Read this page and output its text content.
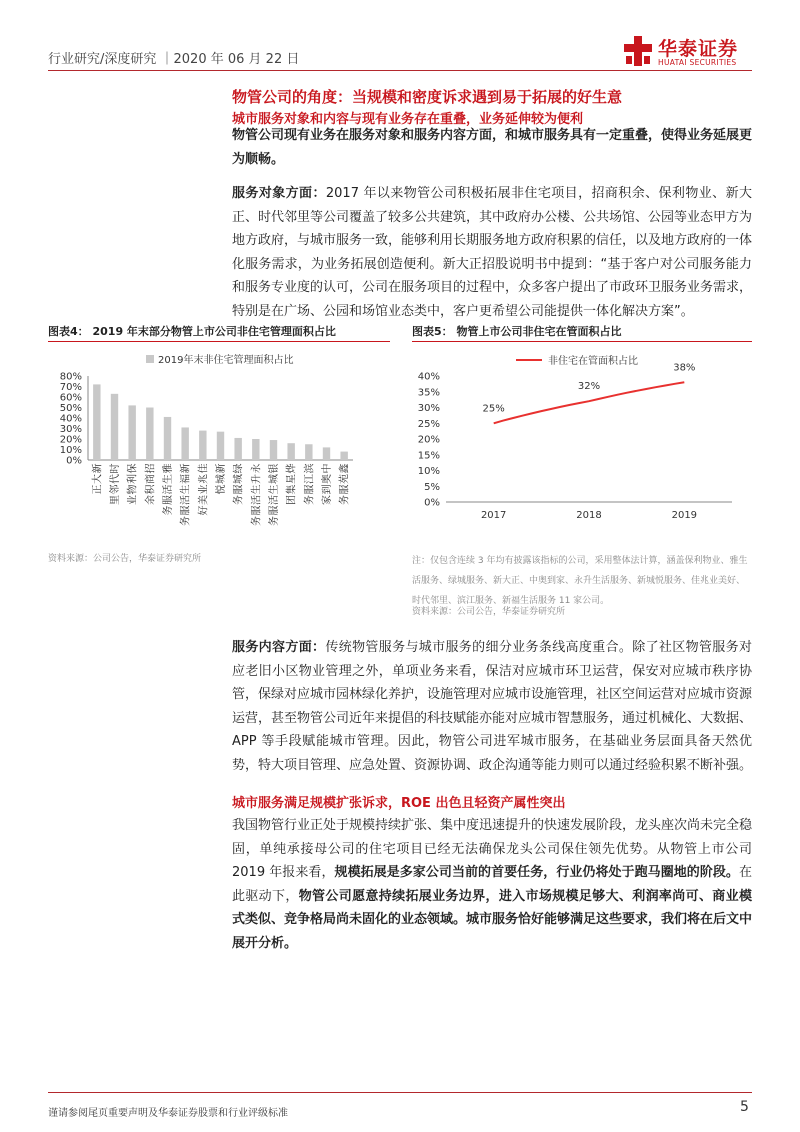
行业研究/深度研究 ｜2020 年 06 月 22 日	华泰证券
HUATAI SECURITIES
物管公司的角度：当规模和密度诉求遇到易于拓展的好生意
城市服务对象和内容与现有业务存在重叠，业务延伸较为便利
物管公司现有业务在服务对象和服务内容方面，和城市服务具有一定重叠，使得业务延展更为顺畅。
服务对象方面：2017 年以来物管公司积极拓展非住宅项目，招商积余、保利物业、新大正、时代邻里等公司覆盖了较多公共建筑，其中政府办公楼、公共场馆、公园等业态甲方为地方政府，与城市服务一致，能够利用长期服务地方政府积累的信任，以及地方政府的一体化服务需求，为业务拓展创造便利。新大正招股说明书中提到：“基于客户对公司服务能力和服务专业度的认可，公司在服务项目的过程中，众多客户提出了市政环卫服务业务需求，特别是在广场、公园和场馆业态类中，客户更希望公司能提供一体化解决方案”。
图表4： 2019 年末部分物管上市公司非住宅管理面积占比
0%
10%
20%
30%
40%
50%
60%
70%
80%
新
大
正
时
代
邻
里
保
利
物
业
招
商
积
余
雅
生
活
服
务
新
福
生
活
服
务
佳
兆
业
美
好
新
城
悦
绿
城
服
务
永
升
生
活
服
务
银
城
生
活
服
务
烨
星
集
团
滨
江
服
务
中
奥
到
家
鑫
苑
服
务
2019年末非住宅管理面积占比
资料来源：公司公告，华泰证券研究所
图表5： 物管上市公司非住宅在管面积占比
非住宅在管面积占比
0%
5%
10%
15%
20%
25%
30%
35%
40%
2017	2018	2019
25%
32%
38%
注：仅包含连续 3 年均有披露该指标的公司，采用整体法计算，涵盖保利物业、雅生活服务、绿城服务、新大正、中奥到家、永升生活服务、新城悦服务、佳兆业美好、时代邻里、滨江服务、新福生活服务 11 家公司。
资料来源：公司公告，华泰证券研究所
服务内容方面：传统物管服务与城市服务的细分业务条线高度重合。除了社区物管服务对应老旧小区物业管理之外，单项业务来看，保洁对应城市环卫运营，保安对应城市秩序协管，保绿对应城市园林绿化养护，设施管理对应城市设施管理，社区空间运营对应城市资源运营，甚至物管公司近年来提倡的科技赋能亦能对应城市智慧服务，通过机械化、大数据、APP 等手段赋能城市管理。因此，物管公司进军城市服务，在基础业务层面具备天然优势，特大项目管理、应急处置、资源协调、政企沟通等能力则可以通过经验积累不断补强。
城市服务满足规模扩张诉求，ROE 出色且轻资产属性突出
我国物管行业正处于规模持续扩张、集中度迅速提升的快速发展阶段，龙头座次尚未完全稳固，单纯承接母公司的住宅项目已经无法确保龙头公司保住领先优势。从物管上市公司 2019 年报来看，规模拓展是多家公司当前的首要任务，行业仍将处于跑马圈地的阶段。在此驱动下，物管公司愿意持续拓展业务边界，进入市场规模足够大、利润率尚可、商业模式类似、竞争格局尚未固化的业态领域。城市服务恰好能够满足这些要求，我们将在后文中展开分析。
谨请参阅尾页重要声明及华泰证券股票和行业评级标准	5
